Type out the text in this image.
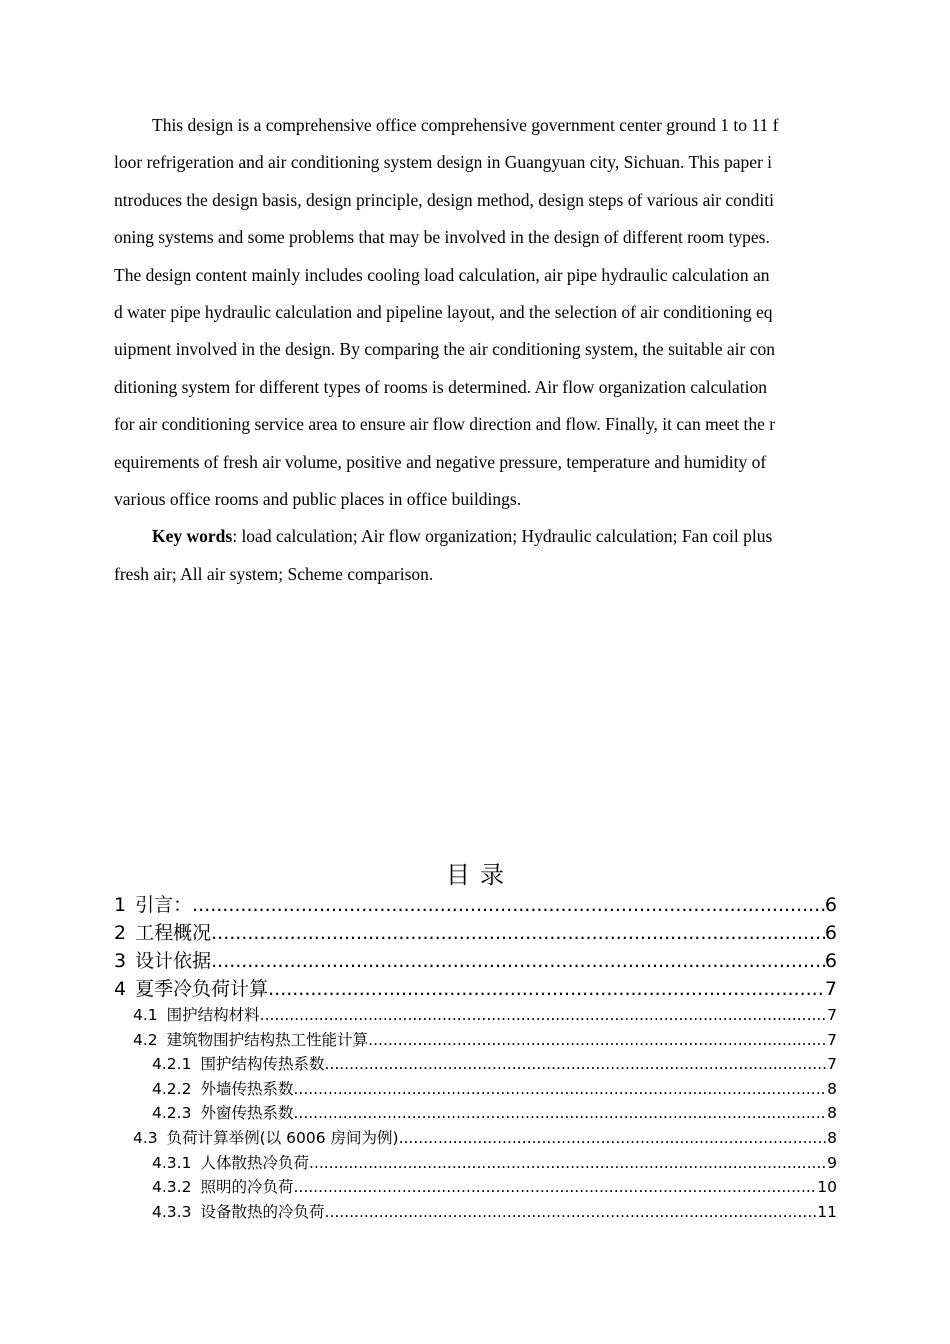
This design is a comprehensive office comprehensive government center ground 1 to 11 f
loor refrigeration and air conditioning system design in Guangyuan city, Sichuan. This paper i
ntroduces the design basis, design principle, design method, design steps of various air conditi
oning systems and some problems that may be involved in the design of different room types.
The design content mainly includes cooling load calculation, air pipe hydraulic calculation an
d water pipe hydraulic calculation and pipeline layout, and the selection of air conditioning eq
uipment involved in the design. By comparing the air conditioning system, the suitable air con
ditioning system for different types of rooms is determined. Air flow organization calculation
for air conditioning service area to ensure air flow direction and flow. Finally, it can meet the r
equirements of fresh air volume, positive and negative pressure, temperature and humidity of
various office rooms and public places in office buildings.
Key words: load calculation; Air flow organization; Hydraulic calculation; Fan coil plus
fresh air; All air system; Scheme comparison.
目录
1 引言： .....	6
2 工程概况 .....	6
3 设计依据 .....	6
4 夏季冷负荷计算 .....	7
4.1 围护结构材料 .....	7
4.2 建筑物围护结构热工性能计算 .....	7
4.2.1 围护结构传热系数 .....	7
4.2.2 外墙传热系数 .....	8
4.2.3 外窗传热系数 .....	8
4.3 负荷计算举例(以 6006 房间为例) .....	8
4.3.1 人体散热冷负荷 .....	9
4.3.2 照明的冷负荷 .....	10
4.3.3 设备散热的冷负荷 .....	11
